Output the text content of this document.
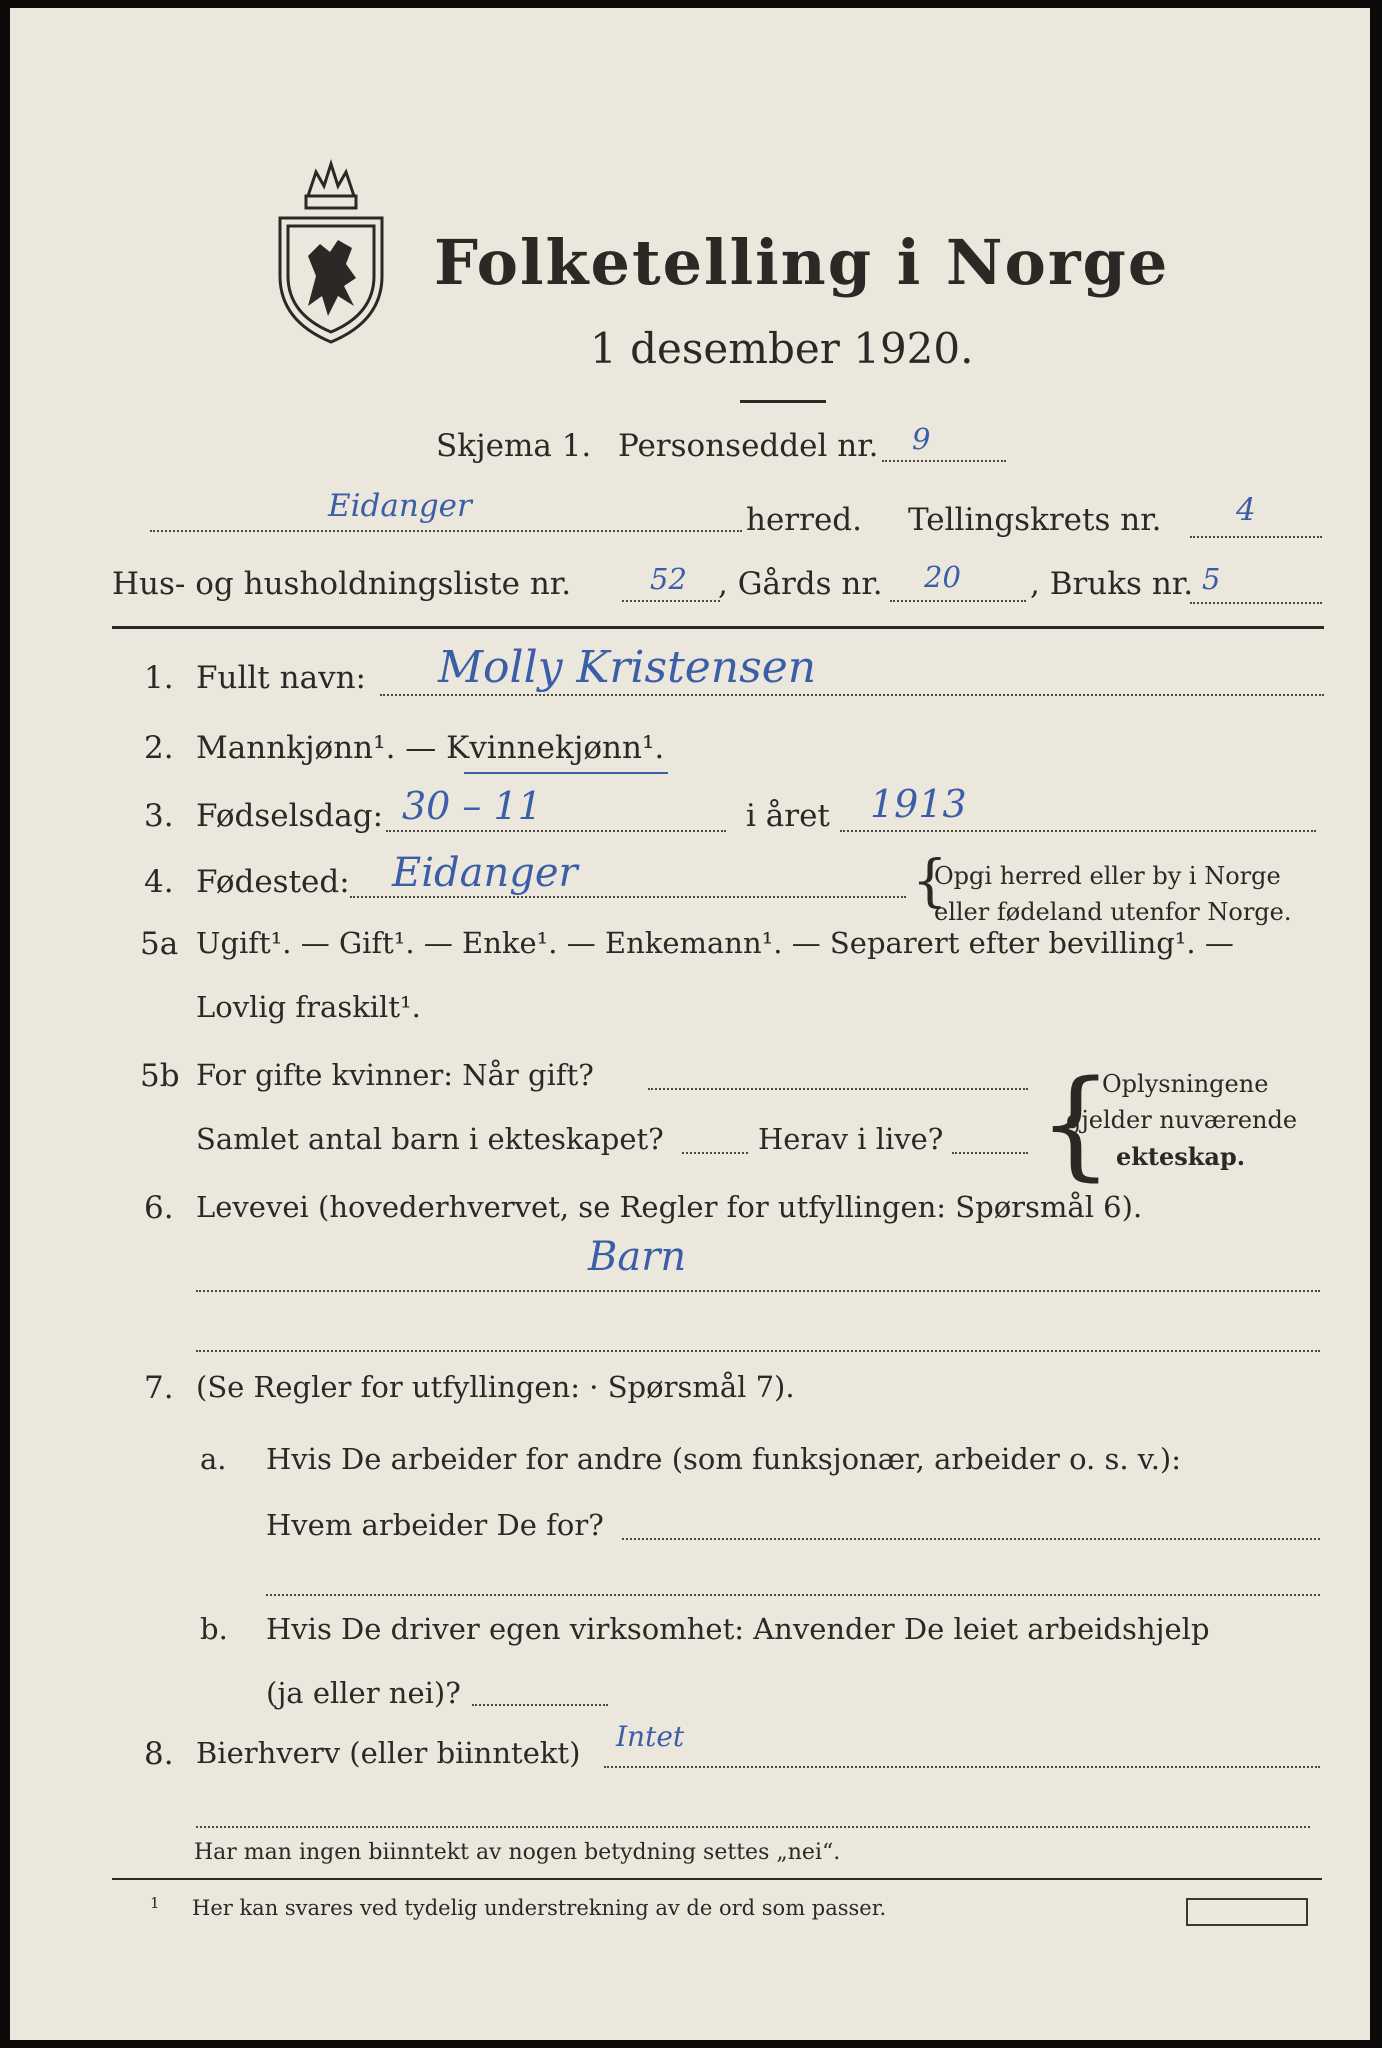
Folketelling i Norge
1 desember 1920.
Skjema 1. Personseddel nr. 9
Eidanger	herred. Tellingskrets nr. 4
Hus- og husholdningsliste nr.	52 , Gårds nr. 20 , Bruks nr. 5
1. Fullt navn: Molly Kristensen
2. Mannkjønn¹. — Kvinnekjønn¹.
3. Fødselsdag: 30 – 11	i året 1913
4. Fødested: Eidanger	{
Opgi herred eller by i Norge
eller fødeland utenfor Norge.
5a Ugift¹. — Gift¹. — Enke¹. — Enkemann¹. — Separert efter bevilling¹. —
Lovlig fraskilt¹.
5b For gifte kvinner: Når gift?
Samlet antal barn i ekteskapet?	Herav i live? {
Oplysningene
gjelder nuværende
ekteskap.
6. Levevei (hovederhvervet, se Regler for utfyllingen: Spørsmål 6).
Barn
7. (Se Regler for utfyllingen: · Spørsmål 7).
a. Hvis De arbeider for andre (som funksjonær, arbeider o. s. v.):
Hvem arbeider De for?
b. Hvis De driver egen virksomhet: Anvender De leiet arbeidshjelp
(ja eller nei)?
8. Bierhverv (eller biinntekt) Intet
Har man ingen biinntekt av nogen betydning settes „nei“.
1 Her kan svares ved tydelig understrekning av de ord som passer.
